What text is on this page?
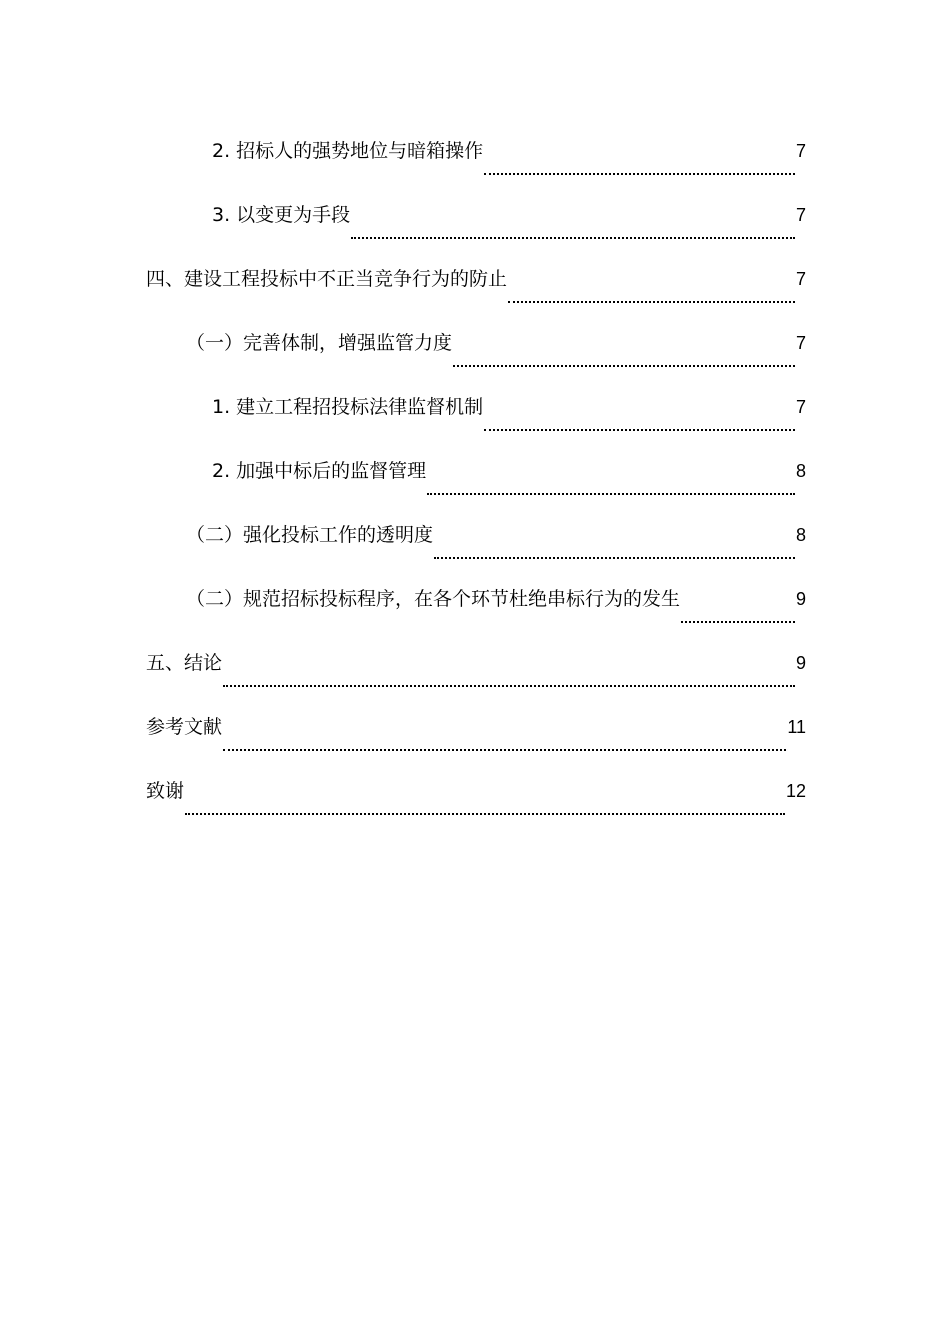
2. 招标人的强势地位与暗箱操作	7
3. 以变更为手段	7
四、建设工程投标中不正当竞争行为的防止	7
（一）完善体制，增强监管力度	7
1. 建立工程招投标法律监督机制	7
2. 加强中标后的监督管理	8
（二）强化投标工作的透明度	8
（二）规范招标投标程序，在各个环节杜绝串标行为的发生	9
五、结论	9
参考文献	11
致谢	12
